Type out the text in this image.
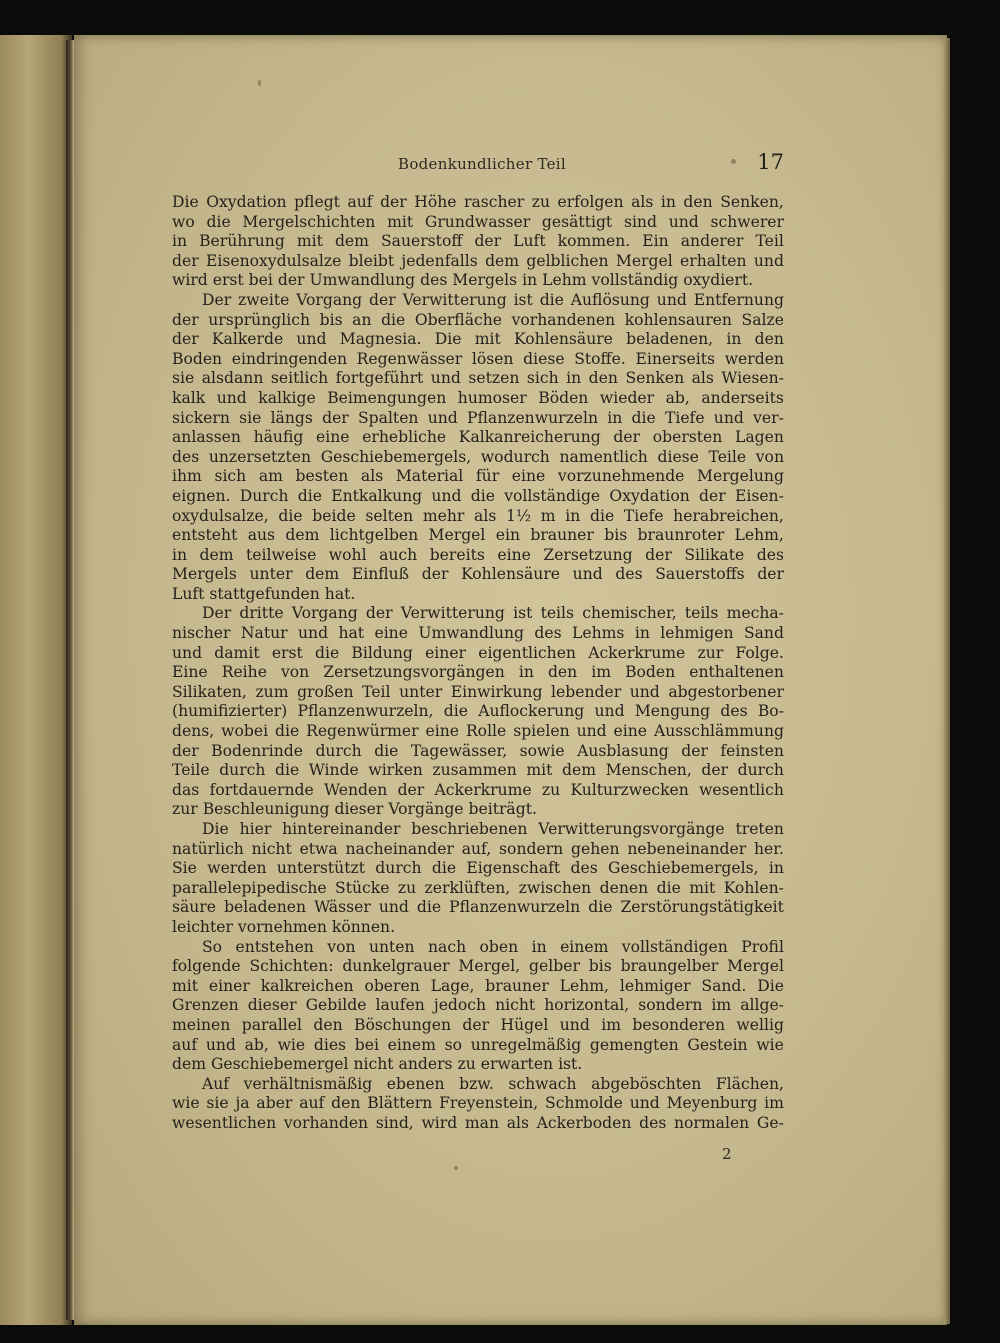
Bodenkundlicher Teil	17
Die Oxydation pflegt auf der Höhe rascher zu erfolgen als in den Senken,
wo die Mergelschichten mit Grundwasser gesättigt sind und schwerer
in Berührung mit dem Sauerstoff der Luft kommen. Ein anderer Teil
der Eisenoxydulsalze bleibt jedenfalls dem gelblichen Mergel erhalten und
wird
erst
bei
der
Umwandlung
des
Mergels
in
Lehm
vollständig
oxydiert.
Der zweite Vorgang der Verwitterung ist die Auflösung und Entfernung
der ursprünglich bis an die Oberfläche vorhandenen kohlensauren Salze
der Kalkerde und Magnesia. Die mit Kohlensäure beladenen, in den
Boden eindringenden Regenwässer lösen diese Stoffe. Einerseits werden
sie alsdann seitlich fortgeführt und setzen sich in den Senken als Wiesen-
kalk und kalkige Beimengungen humoser Böden wieder ab, anderseits
sickern sie längs der Spalten und Pflanzenwurzeln in die Tiefe und ver-
anlassen häufig eine erhebliche Kalkanreicherung der obersten Lagen
des unzersetzten Geschiebemergels, wodurch namentlich diese Teile von
ihm sich am besten als Material für eine vorzunehmende Mergelung
eignen. Durch die Entkalkung und die vollständige Oxydation der Eisen-
oxydulsalze, die beide selten mehr als 1½ m in die Tiefe herabreichen,
entsteht aus dem lichtgelben Mergel ein brauner bis braunroter Lehm,
in dem teilweise wohl auch bereits eine Zersetzung der Silikate des
Mergels unter dem Einfluß der Kohlensäure und des Sauerstoffs der
Luft
stattgefunden
hat.
Der dritte Vorgang der Verwitterung ist teils chemischer, teils mecha-
nischer Natur und hat eine Umwandlung des Lehms in lehmigen Sand
und damit erst die Bildung einer eigentlichen Ackerkrume zur Folge.
Eine Reihe von Zersetzungsvorgängen in den im Boden enthaltenen
Silikaten, zum großen Teil unter Einwirkung lebender und abgestorbener
(humifizierter) Pflanzenwurzeln, die Auflockerung und Mengung des Bo-
dens, wobei die Regenwürmer eine Rolle spielen und eine Ausschlämmung
der Bodenrinde durch die Tagewässer, sowie Ausblasung der feinsten
Teile durch die Winde wirken zusammen mit dem Menschen, der durch
das fortdauernde Wenden der Ackerkrume zu Kulturzwecken wesentlich
zur
Beschleunigung
dieser
Vorgänge
beiträgt.
Die hier hintereinander beschriebenen Verwitterungsvorgänge treten
natürlich nicht etwa nacheinander auf, sondern gehen nebeneinander her.
Sie werden unterstützt durch die Eigenschaft des Geschiebemergels, in
parallelepipedische Stücke zu zerklüften, zwischen denen die mit Kohlen-
säure beladenen Wässer und die Pflanzenwurzeln die Zerstörungstätigkeit
leichter
vornehmen
können.
So entstehen von unten nach oben in einem vollständigen Profil
folgende Schichten: dunkelgrauer Mergel, gelber bis braungelber Mergel
mit einer kalkreichen oberen Lage, brauner Lehm, lehmiger Sand. Die
Grenzen dieser Gebilde laufen jedoch nicht horizontal, sondern im allge-
meinen parallel den Böschungen der Hügel und im besonderen wellig
auf und ab, wie dies bei einem so unregelmäßig gemengten Gestein wie
dem
Geschiebemergel
nicht
anders
zu
erwarten
ist.
Auf verhältnismäßig ebenen bzw. schwach abgeböschten Flächen,
wie sie ja aber auf den Blättern Freyenstein, Schmolde und Meyenburg im
wesentlichen vorhanden sind, wird man als Ackerboden des normalen Ge-
2
